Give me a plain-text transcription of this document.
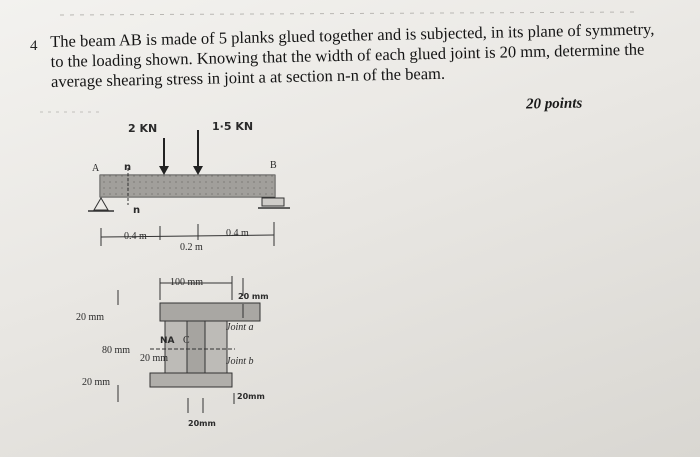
4 The beam AB is made of 5 planks glued together and is subjected, in its plane of symmetry, to the loading shown. Knowing that the width of each glued joint is 20 mm, determine the average shearing stress in joint a at section n-n of the beam.
20 points
2 KN	1·5 KN
A	B
n
n
0.4 m
0.2 m
0.4 m
100 mm
20 mm
20 mm
Joint a
NA C
80 mm
20 mm	Joint b
20 mm
20mm
20mm
